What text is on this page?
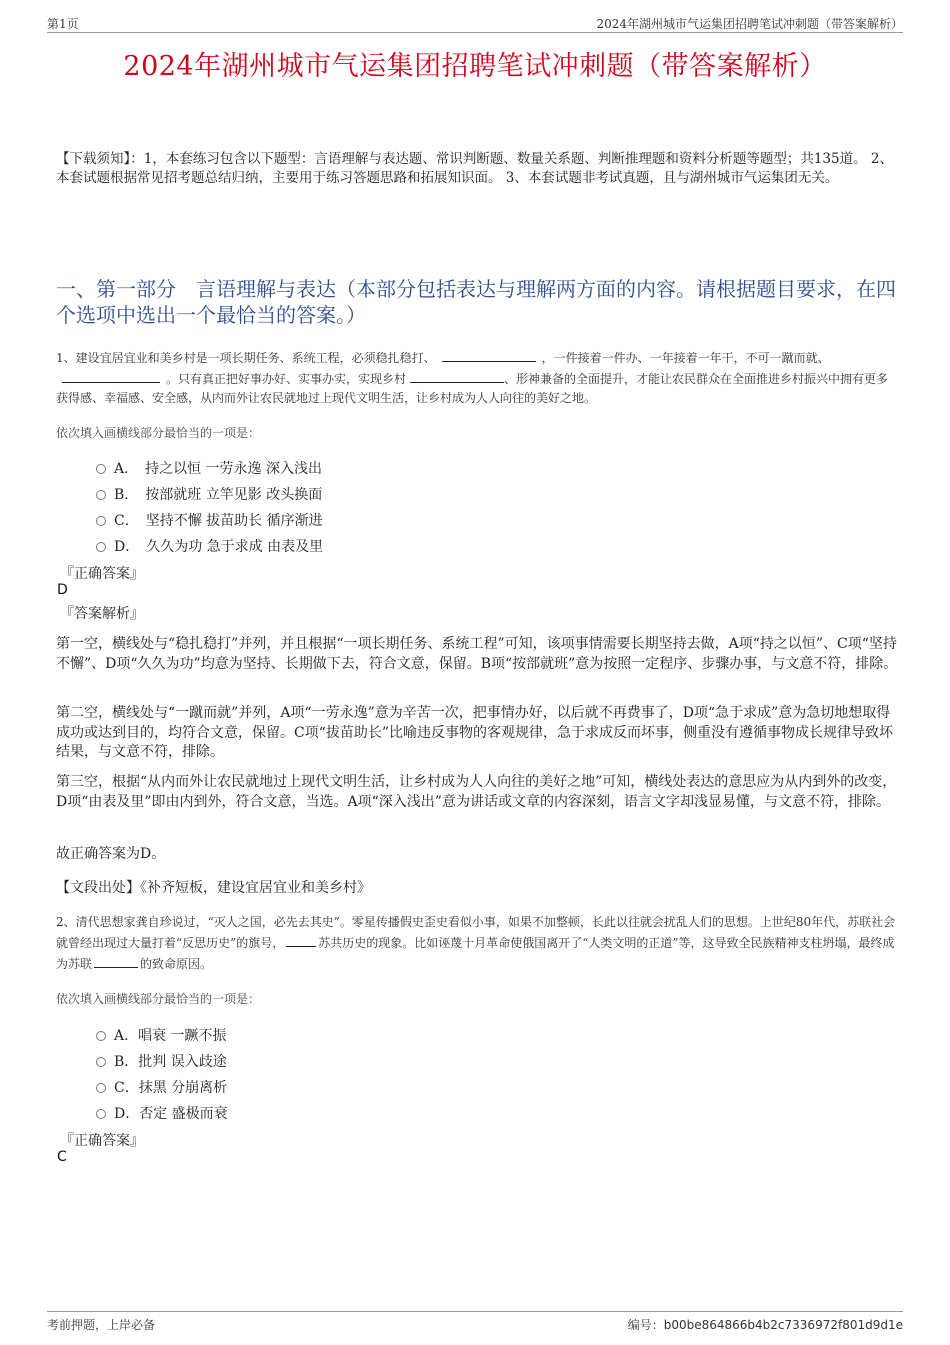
第1页	2024年湖州城市气运集团招聘笔试冲刺题（带答案解析）
2024年湖州城市气运集团招聘笔试冲刺题（带答案解析）
【下载须知】：1，本套练习包含以下题型：言语理解与表达题、常识判断题、数量关系题、判断推理题和资料分析题等题型；共135道。 2、本套试题根据常见招考题总结归纳，主要用于练习答题思路和拓展知识面。 3、本套试题非考试真题，且与湖州城市气运集团无关。
一、第一部分　言语理解与表达（本部分包括表达与理解两方面的内容。请根据题目要求，在四个选项中选出一个最恰当的答案。）
1、建设宜居宜业和美乡村是一项长期任务、系统工程，必须稳扎稳打、	，一件接着一件办、一年接着一年干，不可一蹴而就、。只有真正把好事办好、实事办实，实现乡村	、形神兼备的全面提升，才能让农民群众在全面推进乡村振兴中拥有更多获得感、幸福感、安全感，从内而外让农民就地过上现代文明生活，让乡村成为人人向往的美好之地。
依次填入画横线部分最恰当的一项是：
A．　持之以恒 一劳永逸 深入浅出
B．　按部就班 立竿见影 改头换面
C．　坚持不懈 拔苗助长 循序渐进
D．　久久为功 急于求成 由表及里
『正确答案』
D
『答案解析』
第一空，横线处与“稳扎稳打”并列，并且根据“一项长期任务、系统工程”可知，该项事情需要长期坚持去做，A项“持之以恒”、C项“坚持不懈”、D项“久久为功”均意为坚持、长期做下去，符合文意，保留。B项“按部就班”意为按照一定程序、步骤办事，与文意不符，排除。
第二空，横线处与“一蹴而就”并列，A项“一劳永逸”意为辛苦一次，把事情办好，以后就不再费事了，D项“急于求成”意为急切地想取得成功或达到目的，均符合文意，保留。C项“拔苗助长”比喻违反事物的客观规律，急于求成反而坏事，侧重没有遵循事物成长规律导致坏结果，与文意不符，排除。
第三空，根据“从内而外让农民就地过上现代文明生活，让乡村成为人人向往的美好之地”可知，横线处表达的意思应为从内到外的改变，D项“由表及里”即由内到外，符合文意，当选。A项“深入浅出”意为讲话或文章的内容深刻，语言文字却浅显易懂，与文意不符，排除。
故正确答案为D。
【文段出处】《补齐短板，建设宜居宜业和美乡村》
2、清代思想家龚自珍说过，“灭人之国，必先去其史”。零星传播假史歪史看似小事，如果不加整顿，长此以往就会扰乱人们的思想。上世纪80年代，苏联社会就曾经出现过大量打着“反思历史”的旗号，	苏共历史的现象。比如诬蔑十月革命使俄国离开了“人类文明的正道”等，这导致全民族精神支柱坍塌，最终成为苏联	的致命原因。
依次填入画横线部分最恰当的一项是：
A．唱衰 一蹶不振
B．批判 误入歧途
C．抹黑 分崩离析
D．否定 盛极而衰
『正确答案』
C
考前押题，上岸必备	编号：b00be864866b4b2c7336972f801d9d1e
